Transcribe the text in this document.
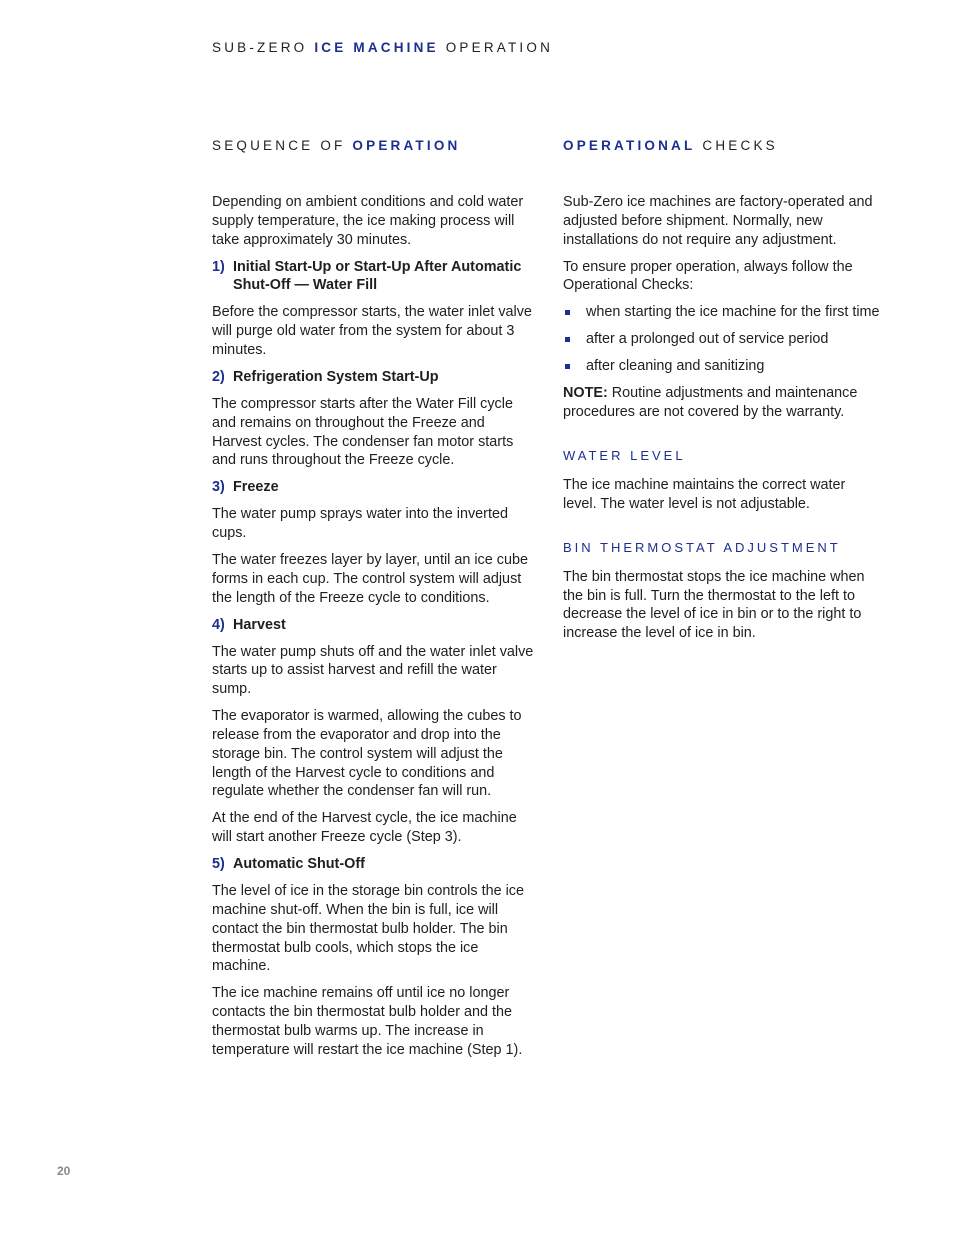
SUB-ZERO ICE MACHINE OPERATION
SEQUENCE OF OPERATION

Depending on ambient conditions and cold water supply temperature, the ice making process will take approximately 30 minutes.

1) Initial Start-Up or Start-Up After Automatic Shut-Off — Water Fill

Before the compressor starts, the water inlet valve will purge old water from the system for about 3 minutes.

2) Refrigeration System Start-Up

The compressor starts after the Water Fill cycle and remains on throughout the Freeze and Harvest cycles. The condenser fan motor starts and runs throughout the Freeze cycle.

3) Freeze

The water pump sprays water into the inverted cups.

The water freezes layer by layer, until an ice cube forms in each cup. The control system will adjust the length of the Freeze cycle to conditions.

4) Harvest

The water pump shuts off and the water inlet valve starts up to assist harvest and refill the water sump.

The evaporator is warmed, allowing the cubes to release from the evaporator and drop into the storage bin. The control system will adjust the length of the Harvest cycle to conditions and regulate whether the condenser fan will run.

At the end of the Harvest cycle, the ice machine will start another Freeze cycle (Step 3).

5) Automatic Shut-Off

The level of ice in the storage bin controls the ice machine shut-off. When the bin is full, ice will contact the bin thermostat bulb holder. The bin thermostat bulb cools, which stops the ice machine.

The ice machine remains off until ice no longer contacts the bin thermostat bulb holder and the thermostat bulb warms up. The increase in temperature will restart the ice machine (Step 1).

OPERATIONAL CHECKS

Sub-Zero ice machines are factory-operated and adjusted before shipment. Normally, new installations do not require any adjustment.

To ensure proper operation, always follow the Operational Checks:

when starting the ice machine for the first time
after a prolonged out of service period
after cleaning and sanitizing

NOTE: Routine adjustments and maintenance procedures are not covered by the warranty.

WATER LEVEL

The ice machine maintains the correct water level. The water level is not adjustable.

BIN THERMOSTAT ADJUSTMENT

The bin thermostat stops the ice machine when the bin is full. Turn the thermostat to the left to decrease the level of ice in bin or to the right to increase the level of ice in bin.

20
